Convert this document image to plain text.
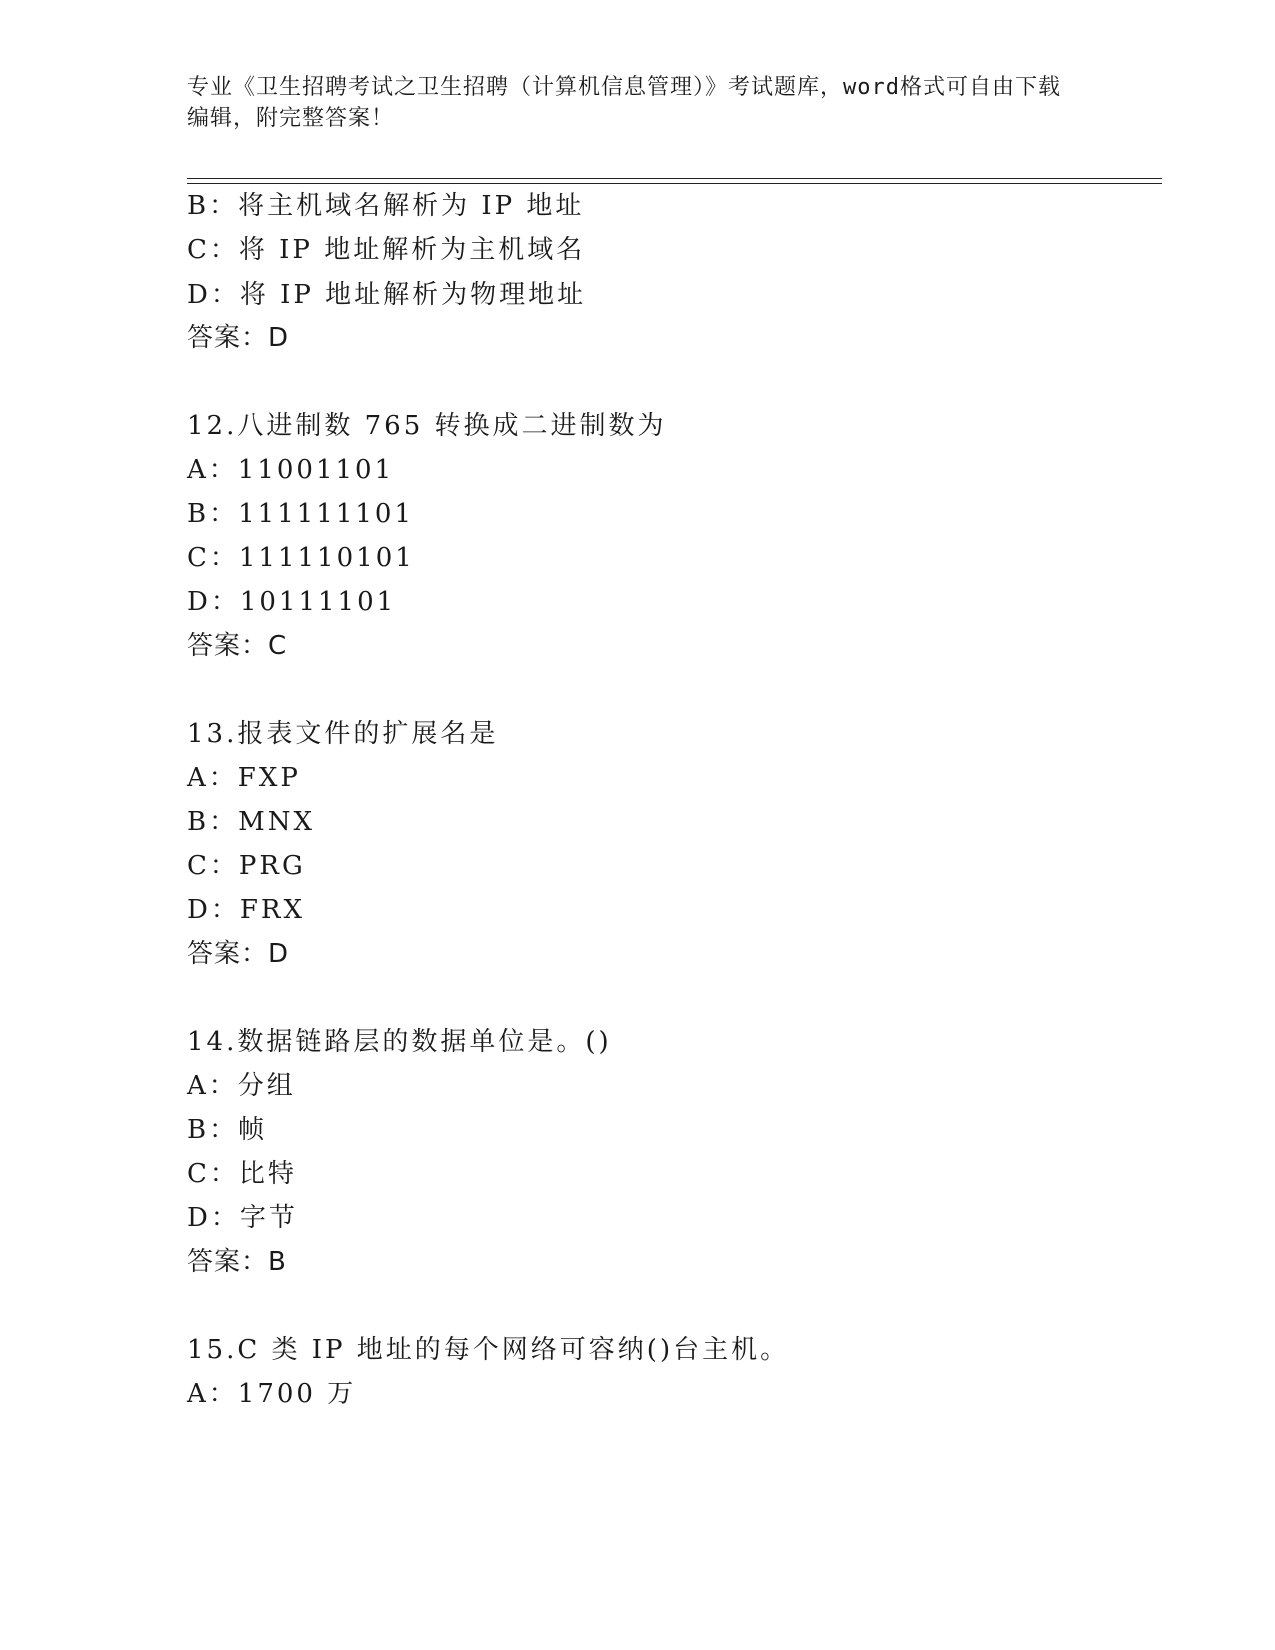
专业《卫生招聘考试之卫生招聘（计算机信息管理）》考试题库，word格式可自由下载编辑，附完整答案！

B：将主机域名解析为 IP 地址
C：将 IP 地址解析为主机域名
D：将 IP 地址解析为物理地址
答案：D
12.八进制数 765 转换成二进制数为
A：11001101
B：111111101
C：111110101
D：10111101
答案：C
13.报表文件的扩展名是
A：FXP
B：MNX
C：PRG
D：FRX
答案：D
14.数据链路层的数据单位是。()
A：分组
B：帧
C：比特
D：字节
答案：B
15.C 类 IP 地址的每个网络可容纳()台主机。
A：1700 万
